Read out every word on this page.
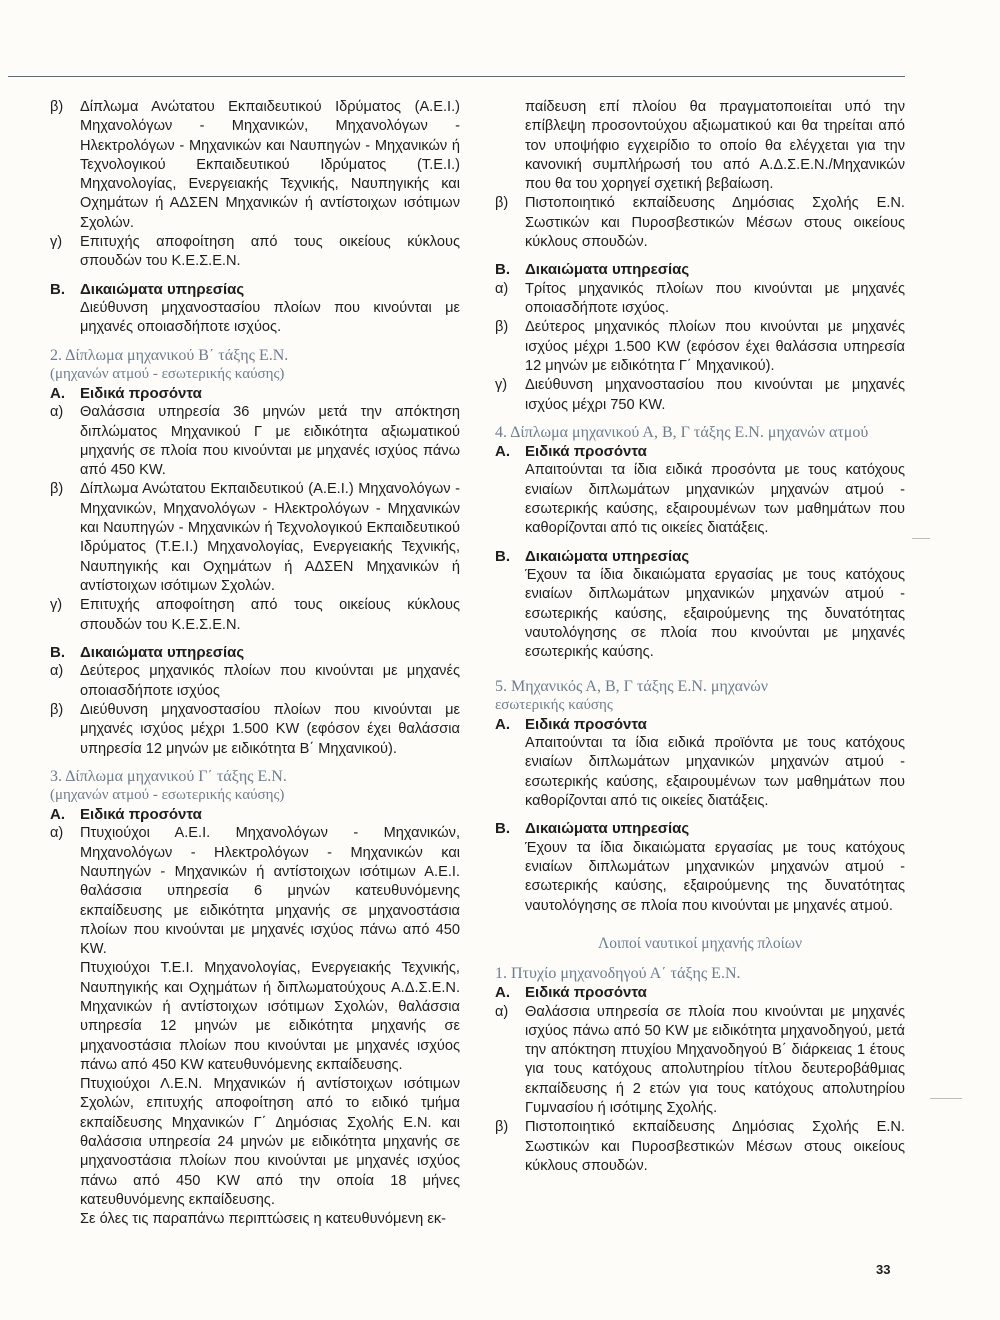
β) Δίπλωμα Ανώτατου Εκπαιδευτικού Ιδρύματος (Α.Ε.Ι.) Μηχανολόγων - Μηχανικών, Μηχανολόγων - Ηλεκτρολόγων - Μηχανικών και Ναυπηγών - Μηχανικών ή Τεχνολογικού Εκπαιδευτικού Ιδρύματος (Τ.Ε.Ι.) Μηχανολογίας, Ενεργειακής Τεχνικής, Ναυπηγικής και Οχημάτων ή ΑΔΣΕΝ Μηχανικών ή αντίστοιχων ισότιμων Σχολών.
γ) Επιτυχής αποφοίτηση από τους οικείους κύκλους σπουδών του Κ.Ε.Σ.Ε.Ν.
Β. Δικαιώματα υπηρεσίας
Διεύθυνση μηχανοστασίου πλοίων που κινούνται με μηχανές οποιασδήποτε ισχύος.
2. Δίπλωμα μηχανικού Β΄ τάξης Ε.Ν.
(μηχανών ατμού - εσωτερικής καύσης)
Α. Ειδικά προσόντα
α) Θαλάσσια υπηρεσία 36 μηνών μετά την απόκτηση διπλώματος Μηχανικού Γ με ειδικότητα αξιωματικού μηχανής σε πλοία που κινούνται με μηχανές ισχύος πάνω από 450 KW.
β) Δίπλωμα Ανώτατου Εκπαιδευτικού (Α.Ε.Ι.) Μηχανολόγων - Μηχανικών, Μηχανολόγων - Ηλεκτρολόγων - Μηχανικών και Ναυπηγών - Μηχανικών ή Τεχνολογικού Εκπαιδευτικού Ιδρύματος (Τ.Ε.Ι.) Μηχανολογίας, Ενεργειακής Τεχνικής, Ναυπηγικής και Οχημάτων ή ΑΔΣΕΝ Μηχανικών ή αντίστοιχων ισότιμων Σχολών.
γ) Επιτυχής αποφοίτηση από τους οικείους κύκλους σπουδών του Κ.Ε.Σ.Ε.Ν.
Β. Δικαιώματα υπηρεσίας
α) Δεύτερος μηχανικός πλοίων που κινούνται με μηχανές οποιασδήποτε ισχύος
β) Διεύθυνση μηχανοστασίου πλοίων που κινούνται με μηχανές ισχύος μέχρι 1.500 KW (εφόσον έχει θαλάσσια υπηρεσία 12 μηνών με ειδικότητα Β΄ Μηχανικού).
3. Δίπλωμα μηχανικού Γ΄ τάξης Ε.Ν.
(μηχανών ατμού - εσωτερικής καύσης)
Α. Ειδικά προσόντα
α) Πτυχιούχοι Α.Ε.Ι. Μηχανολόγων - Μηχανικών, Μηχανολόγων - Ηλεκτρολόγων - Μηχανικών και Ναυπηγών - Μηχανικών ή αντίστοιχων ισότιμων Α.Ε.Ι. θαλάσσια υπηρεσία 6 μηνών κατευθυνόμενης εκπαίδευσης με ειδικότητα μηχανής σε μηχανοστάσια πλοίων που κινούνται με μηχανές ισχύος πάνω από 450 KW.
Πτυχιούχοι Τ.Ε.Ι. Μηχανολογίας, Ενεργειακής Τεχνικής, Ναυπηγικής και Οχημάτων ή διπλωματούχους Α.Δ.Σ.Ε.Ν. Μηχανικών ή αντίστοιχων ισότιμων Σχολών, θαλάσσια υπηρεσία 12 μηνών με ειδικότητα μηχανής σε μηχανοστάσια πλοίων που κινούνται με μηχανές ισχύος πάνω από 450 KW κατευθυνόμενης εκπαίδευσης.
Πτυχιούχοι Λ.Ε.Ν. Μηχανικών ή αντίστοιχων ισότιμων Σχολών, επιτυχής αποφοίτηση από το ειδικό τμήμα εκπαίδευσης Μηχανικών Γ΄ Δημόσιας Σχολής Ε.Ν. και θαλάσσια υπηρεσία 24 μηνών με ειδικότητα μηχανής σε μηχανοστάσια πλοίων που κινούνται με μηχανές ισχύος πάνω από 450 KW από την οποία 18 μήνες κατευθυνόμενης εκπαίδευσης.
Σε όλες τις παραπάνω περιπτώσεις η κατευθυνόμενη εκ-
παίδευση επί πλοίου θα πραγματοποιείται υπό την επίβλεψη προσοντούχου αξιωματικού και θα τηρείται από τον υποψήφιο εγχειρίδιο το οποίο θα ελέγχεται για την κανονική συμπλήρωσή του από Α.Δ.Σ.Ε.Ν./Μηχανικών που θα του χορηγεί σχετική βεβαίωση.
β) Πιστοποιητικό εκπαίδευσης Δημόσιας Σχολής Ε.Ν. Σωστικών και Πυροσβεστικών Μέσων στους οικείους κύκλους σπουδών.
Β. Δικαιώματα υπηρεσίας
α) Τρίτος μηχανικός πλοίων που κινούνται με μηχανές οποιασδήποτε ισχύος.
β) Δεύτερος μηχανικός πλοίων που κινούνται με μηχανές ισχύος μέχρι 1.500 KW (εφόσον έχει θαλάσσια υπηρεσία 12 μηνών με ειδικότητα Γ΄ Μηχανικού).
γ) Διεύθυνση μηχανοστασίου που κινούνται με μηχανές ισχύος μέχρι 750 KW.
4. Δίπλωμα μηχανικού Α, Β, Γ τάξης Ε.Ν. μηχανών ατμού
Α. Ειδικά προσόντα
Απαιτούνται τα ίδια ειδικά προσόντα με τους κατόχους ενιαίων διπλωμάτων μηχανικών μηχανών ατμού - εσωτερικής καύσης, εξαιρουμένων των μαθημάτων που καθορίζονται από τις οικείες διατάξεις.
Β. Δικαιώματα υπηρεσίας
Έχουν τα ίδια δικαιώματα εργασίας με τους κατόχους ενιαίων διπλωμάτων μηχανικών μηχανών ατμού - εσωτερικής καύσης, εξαιρούμενης της δυνατότητας ναυτολόγησης σε πλοία που κινούνται με μηχανές εσωτερικής καύσης.
5. Μηχανικός Α, Β, Γ τάξης Ε.Ν. μηχανών
εσωτερικής καύσης
Α. Ειδικά προσόντα
Απαιτούνται τα ίδια ειδικά προϊόντα με τους κατόχους ενιαίων διπλωμάτων μηχανικών μηχανών ατμού - εσωτερικής καύσης, εξαιρουμένων των μαθημάτων που καθορίζονται από τις οικείες διατάξεις.
Β. Δικαιώματα υπηρεσίας
Έχουν τα ίδια δικαιώματα εργασίας με τους κατόχους ενιαίων διπλωμάτων μηχανικών μηχανών ατμού - εσωτερικής καύσης, εξαιρούμενης της δυνατότητας ναυτολόγησης σε πλοία που κινούνται με μηχανές ατμού.
Λοιποί ναυτικοί μηχανής πλοίων
1. Πτυχίο μηχανοδηγού Α΄ τάξης Ε.Ν.
Α. Ειδικά προσόντα
α) Θαλάσσια υπηρεσία σε πλοία που κινούνται με μηχανές ισχύος πάνω από 50 KW με ειδικότητα μηχανοδηγού, μετά την απόκτηση πτυχίου Μηχανοδηγού Β΄ διάρκειας 1 έτους για τους κατόχους απολυτηρίου τίτλου δευτεροβάθμιας εκπαίδευσης ή 2 ετών για τους κατόχους απολυτηρίου Γυμνασίου ή ισότιμης Σχολής.
β) Πιστοποιητικό εκπαίδευσης Δημόσιας Σχολής Ε.Ν. Σωστικών και Πυροσβεστικών Μέσων στους οικείους κύκλους σπουδών.
33
